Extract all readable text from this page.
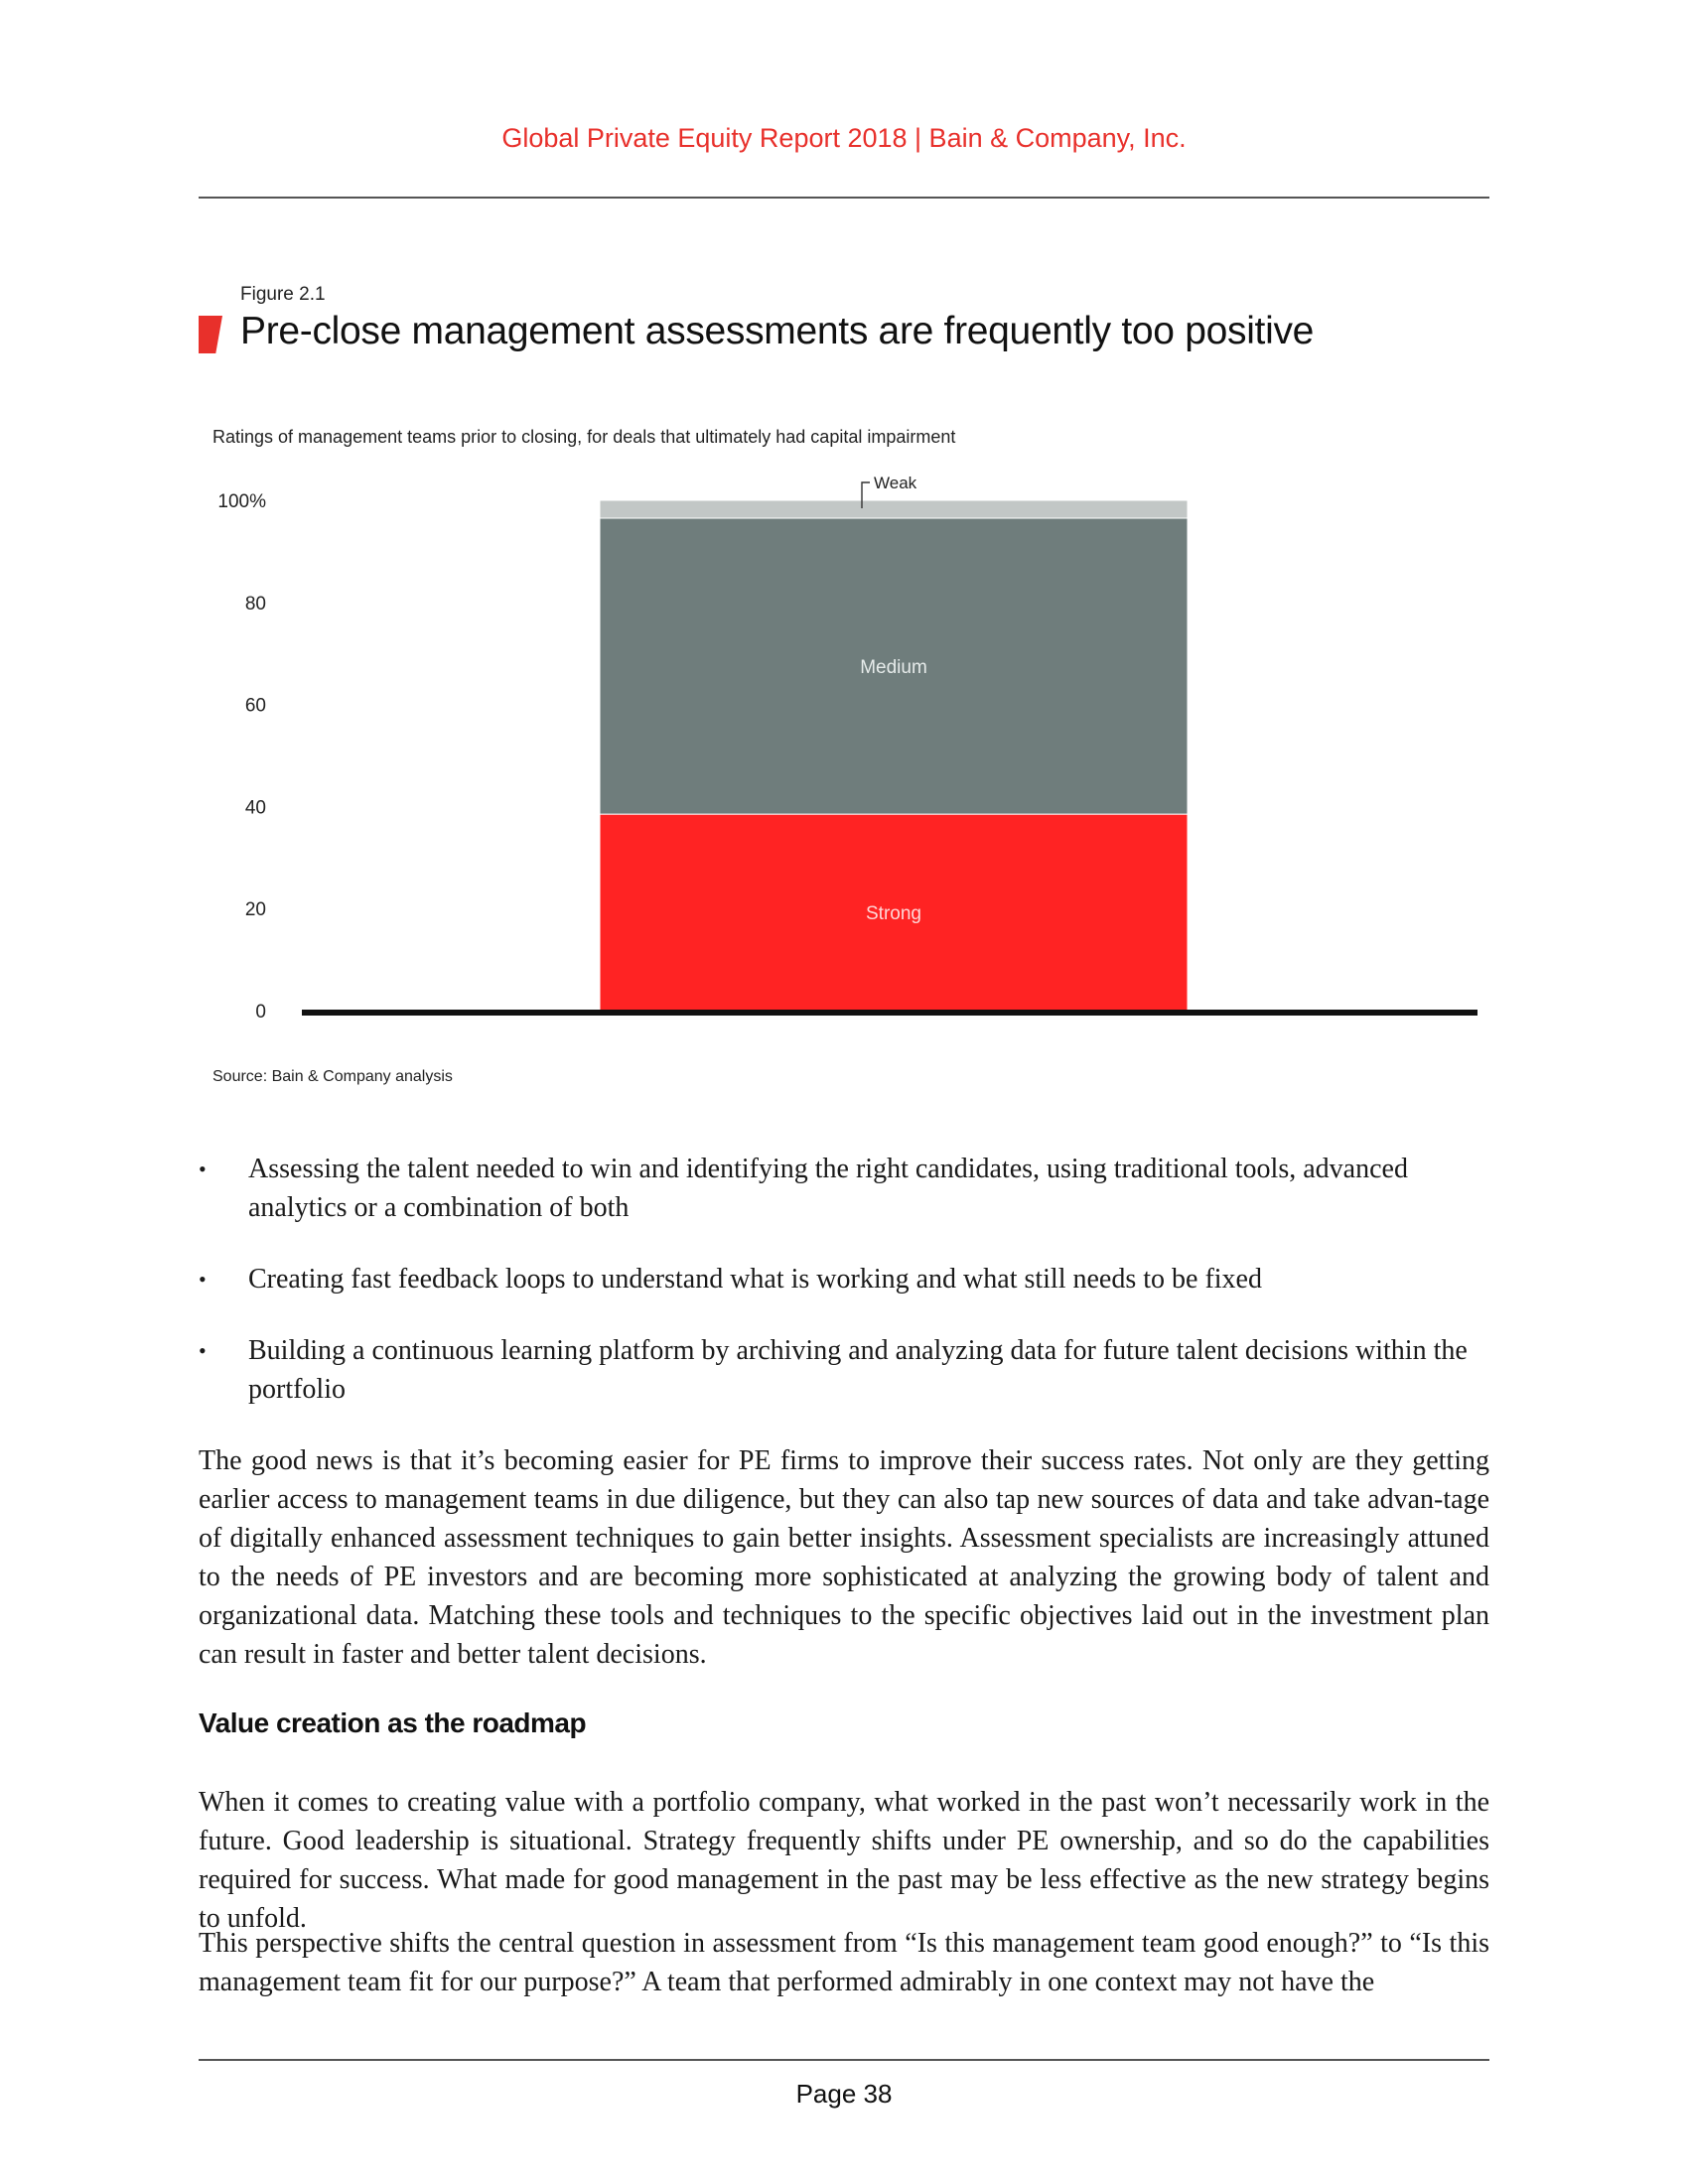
Global Private Equity Report 2018 | Bain & Company, Inc.
Figure 2.1
Pre-close management assessments are frequently too positive
Ratings of management teams prior to closing, for deals that ultimately had capital impairment
0
20
40
60
80
100%
Strong
Medium
Weak
Source: Bain & Company analysis
• Assessing the talent needed to win and identifying the right candidates, using traditional tools, advanced analytics or a combination of both
• Creating fast feedback loops to understand what is working and what still needs to be fixed
• Building a continuous learning platform by archiving and analyzing data for future talent decisions within the portfolio

The good news is that it’s becoming easier for PE firms to improve their success rates. Not only are they getting earlier access to management teams in due diligence, but they can also tap new sources of data and take advan-tage of digitally enhanced assessment techniques to gain better insights. Assessment specialists are increasingly attuned to the needs of PE investors and are becoming more sophisticated at analyzing the growing body of talent and organizational data. Matching these tools and techniques to the specific objectives laid out in the investment plan can result in faster and better talent decisions.

Value creation as the roadmap

When it comes to creating value with a portfolio company, what worked in the past won’t necessarily work in the future. Good leadership is situational. Strategy frequently shifts under PE ownership, and so do the capabilities required for success. What made for good management in the past may be less effective as the new strategy begins to unfold.

This perspective shifts the central question in assessment from “Is this management team good enough?” to “Is this management team fit for our purpose?” A team that performed admirably in one context may not have the

Page 38
